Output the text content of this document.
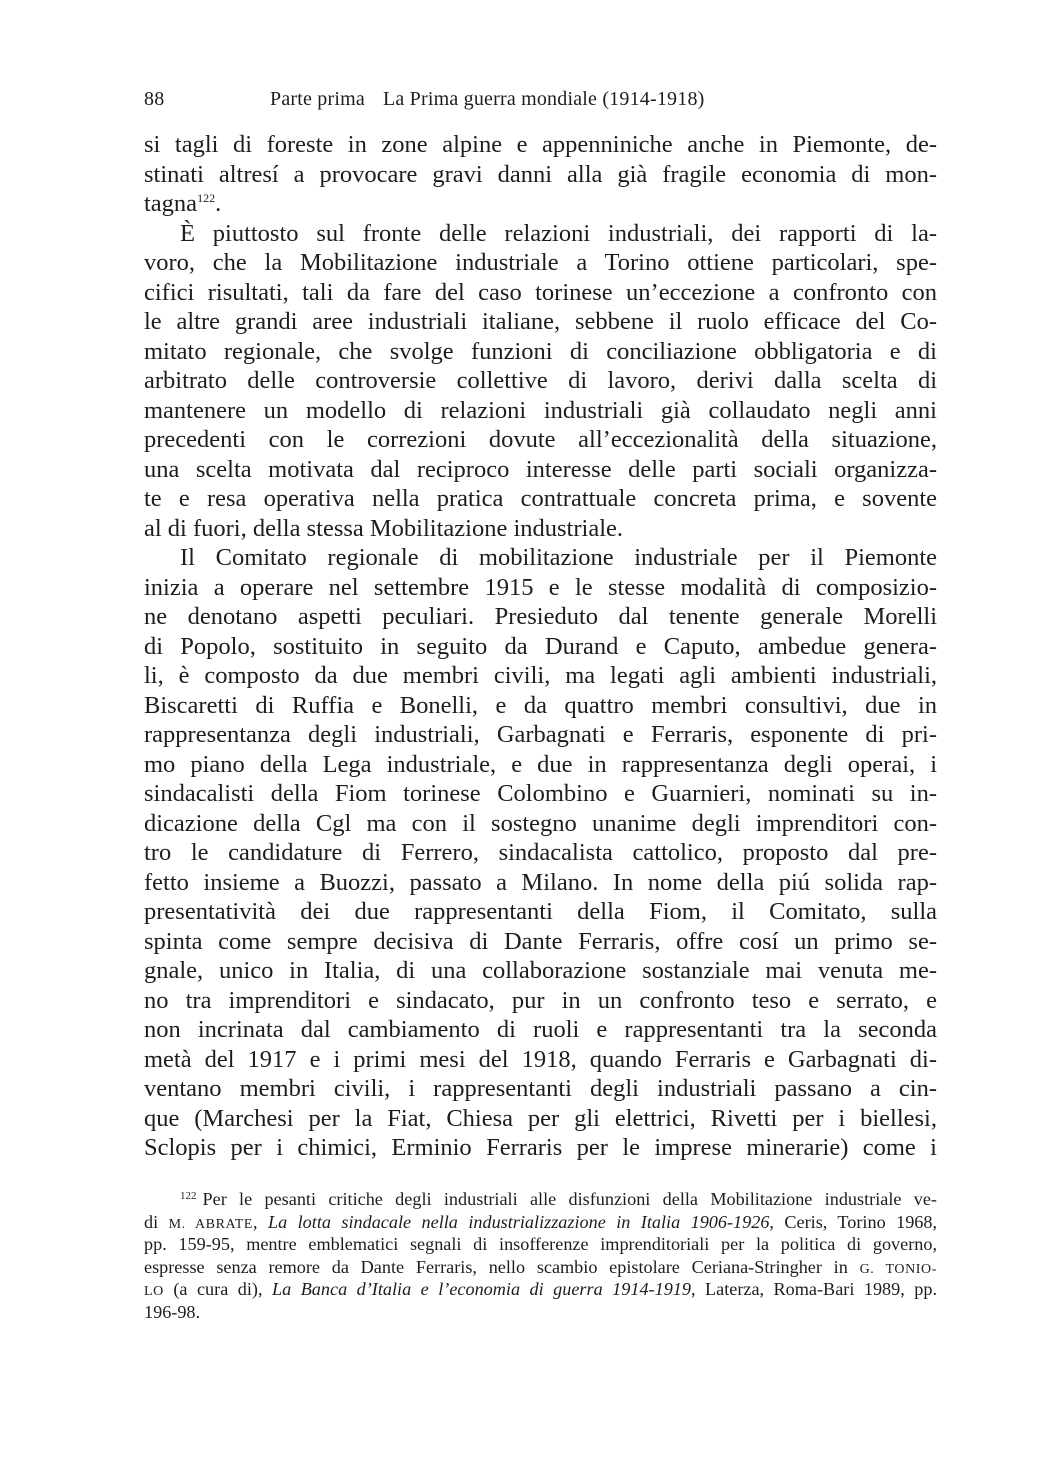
88	Parte prima La Prima guerra mondiale (1914-1918)
si tagli di foreste in zone alpine e appenniniche anche in Piemonte, de-
stinati altresí a provocare gravi danni alla già fragile economia di mon-
tagna$^{122}$.
È piuttosto sul fronte delle relazioni industriali, dei rapporti di la-
voro, che la Mobilitazione industriale a Torino ottiene particolari, spe-
cifici risultati, tali da fare del caso torinese un’eccezione a confronto con
le altre grandi aree industriali italiane, sebbene il ruolo efficace del Co-
mitato regionale, che svolge funzioni di conciliazione obbligatoria e di
arbitrato delle controversie collettive di lavoro, derivi dalla scelta di
mantenere un modello di relazioni industriali già collaudato negli anni
precedenti con le correzioni dovute all’eccezionalità della situazione,
una scelta motivata dal reciproco interesse delle parti sociali organizza-
te e resa operativa nella pratica contrattuale concreta prima, e sovente
al di fuori, della stessa Mobilitazione industriale.
Il Comitato regionale di mobilitazione industriale per il Piemonte
inizia a operare nel settembre 1915 e le stesse modalità di composizio-
ne denotano aspetti peculiari. Presieduto dal tenente generale Morelli
di Popolo, sostituito in seguito da Durand e Caputo, ambedue genera-
li, è composto da due membri civili, ma legati agli ambienti industriali,
Biscaretti di Ruffia e Bonelli, e da quattro membri consultivi, due in
rappresentanza degli industriali, Garbagnati e Ferraris, esponente di pri-
mo piano della Lega industriale, e due in rappresentanza degli operai, i
sindacalisti della Fiom torinese Colombino e Guarnieri, nominati su in-
dicazione della Cgl ma con il sostegno unanime degli imprenditori con-
tro le candidature di Ferrero, sindacalista cattolico, proposto dal pre-
fetto insieme a Buozzi, passato a Milano. In nome della piú solida rap-
presentatività dei due rappresentanti della Fiom, il Comitato, sulla
spinta come sempre decisiva di Dante Ferraris, offre cosí un primo se-
gnale, unico in Italia, di una collaborazione sostanziale mai venuta me-
no tra imprenditori e sindacato, pur in un confronto teso e serrato, e
non incrinata dal cambiamento di ruoli e rappresentanti tra la seconda
metà del 1917 e i primi mesi del 1918, quando Ferraris e Garbagnati di-
ventano membri civili, i rappresentanti degli industriali passano a cin-
que (Marchesi per la Fiat, Chiesa per gli elettrici, Rivetti per i biellesi,
Sclopis per i chimici, Erminio Ferraris per le imprese minerarie) come i
$^{122}$ Per le pesanti critiche degli industriali alle disfunzioni della Mobilitazione industriale ve-
di M. ABRATE, La lotta sindacale nella industrializzazione in Italia 1906-1926, Ceris, Torino 1968,
pp. 159-95, mentre emblematici segnali di insofferenze imprenditoriali per la politica di governo,
espresse senza remore da Dante Ferraris, nello scambio epistolare Ceriana-Stringher in G. TONIO-
LO (a cura di), La Banca d’Italia e l’economia di guerra 1914-1919, Laterza, Roma-Bari 1989, pp.
196-98.
